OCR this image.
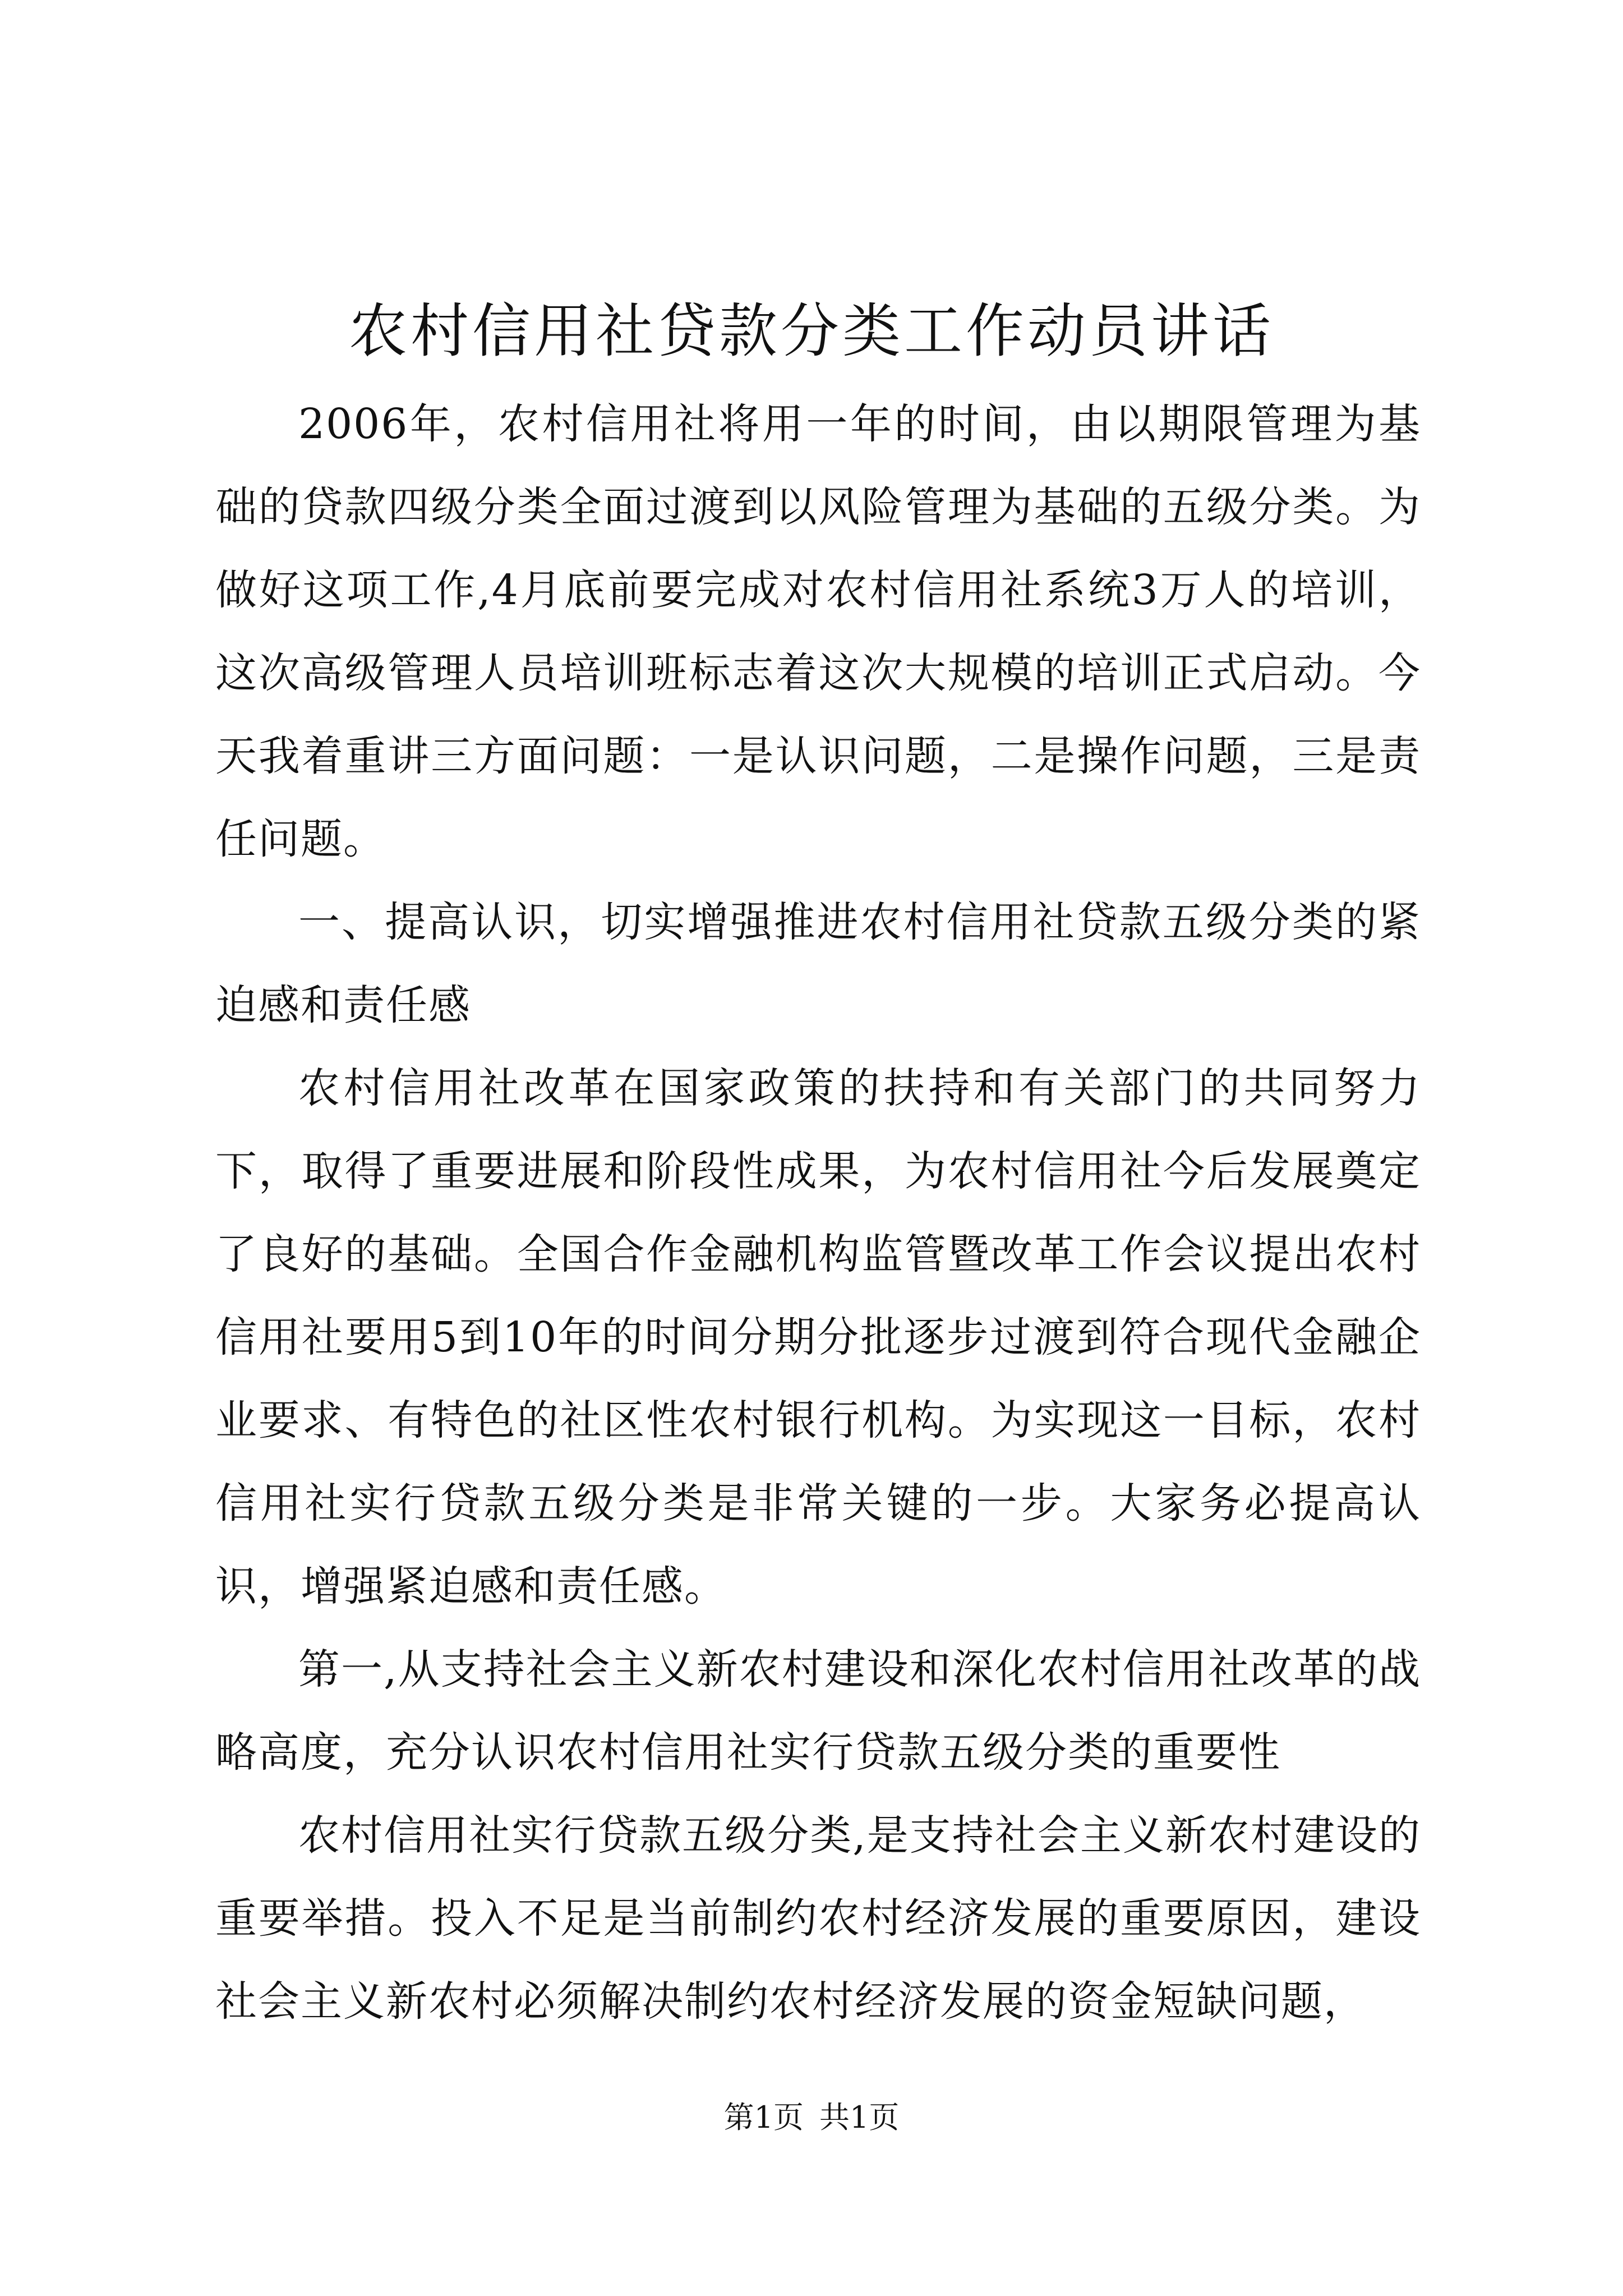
农村信用社贷款分类工作动员讲话

2006年，农村信用社将用一年的时间，由以期限管理为基础的贷款四级分类全面过渡到以风险管理为基础的五级分类。为做好这项工作,4月底前要完成对农村信用社系统3万人的培训，这次高级管理人员培训班标志着这次大规模的培训正式启动。今天我着重讲三方面问题：一是认识问题，二是操作问题，三是责任问题。

一、提高认识，切实增强推进农村信用社贷款五级分类的紧迫感和责任感

农村信用社改革在国家政策的扶持和有关部门的共同努力下，取得了重要进展和阶段性成果，为农村信用社今后发展奠定了良好的基础。全国合作金融机构监管暨改革工作会议提出农村信用社要用5到10年的时间分期分批逐步过渡到符合现代金融企业要求、有特色的社区性农村银行机构。为实现这一目标，农村信用社实行贷款五级分类是非常关键的一步。大家务必提高认识，增强紧迫感和责任感。

第一,从支持社会主义新农村建设和深化农村信用社改革的战略高度，充分认识农村信用社实行贷款五级分类的重要性

农村信用社实行贷款五级分类,是支持社会主义新农村建设的重要举措。投入不足是当前制约农村经济发展的重要原因，建设社会主义新农村必须解决制约农村经济发展的资金短缺问题，

第1页 共1页
